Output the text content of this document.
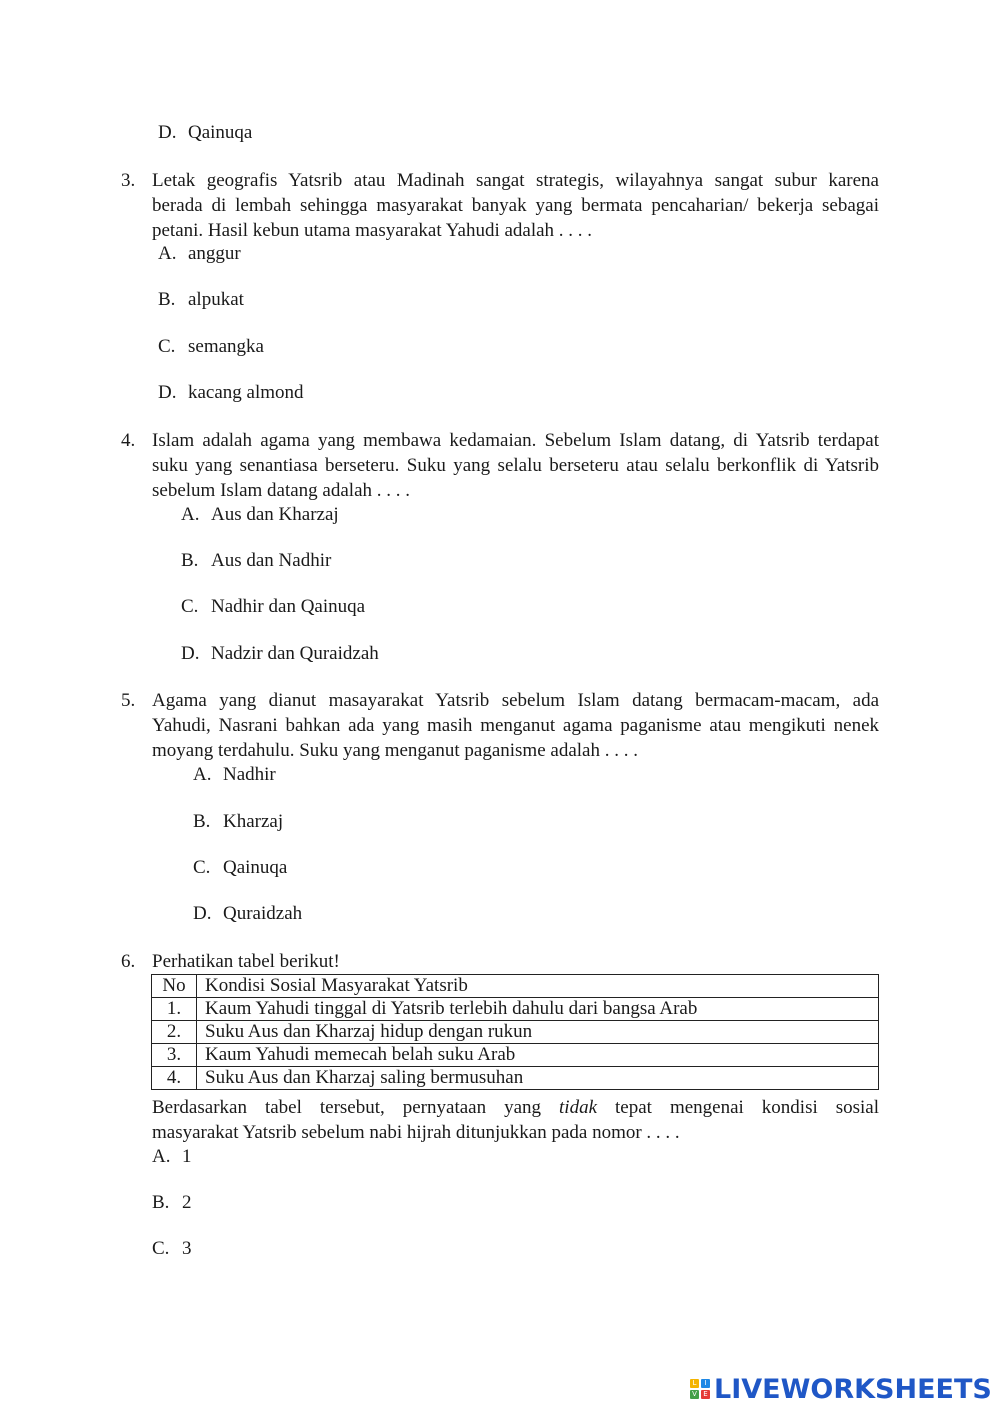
D. Qainuqa
3. Letak geografis Yatsrib atau Madinah sangat strategis, wilayahnya sangat subur karena
berada di lembah sehingga masyarakat banyak yang bermata pencaharian/ bekerja sebagai
petani. Hasil kebun utama masyarakat Yahudi adalah . . . .
A. anggur
B. alpukat
C. semangka
D. kacang almond
4. Islam adalah agama yang membawa kedamaian. Sebelum Islam datang, di Yatsrib terdapat
suku yang senantiasa berseteru. Suku yang selalu berseteru atau selalu berkonflik di Yatsrib
sebelum Islam datang adalah . . . .
A. Aus dan Kharzaj
B. Aus dan Nadhir
C. Nadhir dan Qainuqa
D. Nadzir dan Quraidzah
5. Agama yang dianut masayarakat Yatsrib sebelum Islam datang bermacam-macam, ada
Yahudi, Nasrani bahkan ada yang masih menganut agama paganisme atau mengikuti nenek
moyang terdahulu. Suku yang menganut paganisme adalah . . . .
A. Nadhir
B. Kharzaj
C. Qainuqa
D. Quraidzah
6. Perhatikan tabel berikut!
No	Kondisi Sosial Masyarakat Yatsrib
1.	Kaum Yahudi tinggal di Yatsrib terlebih dahulu dari bangsa Arab
2.	Suku Aus dan Kharzaj hidup dengan rukun
3.	Kaum Yahudi memecah belah suku Arab
4.	Suku Aus dan Kharzaj saling bermusuhan
Berdasarkan tabel tersebut, pernyataan yang tidak tepat mengenai kondisi sosial
masyarakat Yatsrib sebelum nabi hijrah ditunjukkan pada nomor . . . .
A. 1
B. 2
C. 3
L	I
V E LIVEWORKSHEETS
